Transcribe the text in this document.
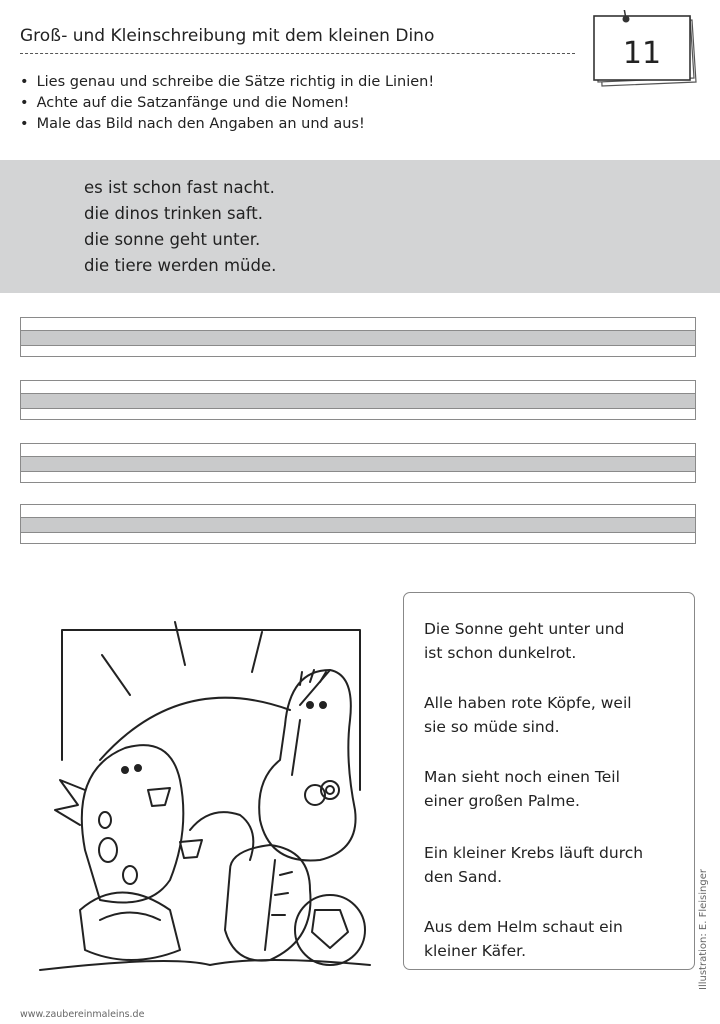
Groß- und Kleinschreibung mit dem kleinen Dino	11
• Lies genau und schreibe die Sätze richtig in die Linien!
• Achte auf die Satzanfänge und die Nomen!
• Male das Bild nach den Angaben an und aus!
es ist schon fast nacht.
die dinos trinken saft.
die sonne geht unter.
die tiere werden müde.
Die Sonne geht unter und
ist schon dunkelrot.
Alle haben rote Köpfe, weil
sie so müde sind.
Man sieht noch einen Teil
einer großen Palme.
Ein kleiner Krebs läuft durch
den Sand.
Aus dem Helm schaut ein
kleiner Käfer.	Illustration: E. Fleisinger
www.zaubereinmaleins.de
